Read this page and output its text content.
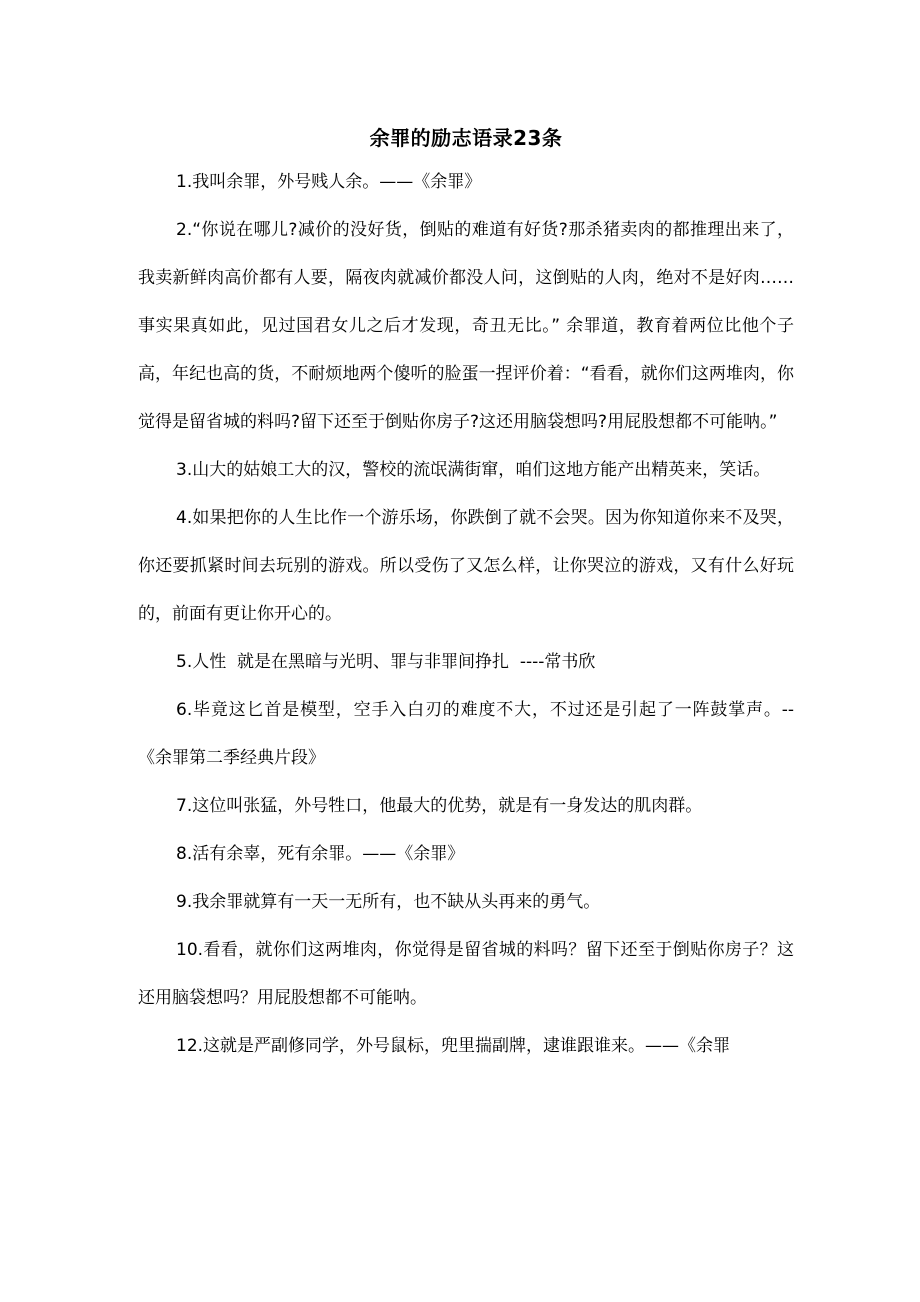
余罪的励志语录23条

1.我叫余罪，外号贱人余。——《余罪》

2.“你说在哪儿?减价的没好货，倒贴的难道有好货?那杀猪卖肉的都推理出来了，我卖新鲜肉高价都有人要，隔夜肉就减价都没人问，这倒贴的人肉，绝对不是好肉……事实果真如此，见过国君女儿之后才发现，奇丑无比。” 余罪道，教育着两位比他个子高，年纪也高的货，不耐烦地两个傻听的脸蛋一捏评价着：“看看，就你们这两堆肉，你觉得是留省城的料吗?留下还至于倒贴你房子?这还用脑袋想吗?用屁股想都不可能呐。”

3.山大的姑娘工大的汉，警校的流氓满街窜，咱们这地方能产出精英来，笑话。

4.如果把你的人生比作一个游乐场，你跌倒了就不会哭。因为你知道你来不及哭，你还要抓紧时间去玩别的游戏。所以受伤了又怎么样，让你哭泣的游戏，又有什么好玩的，前面有更让你开心的。

5.人性  就是在黑暗与光明、罪与非罪间挣扎  ----常书欣

6.毕竟这匕首是模型，空手入白刃的难度不大，不过还是引起了一阵鼓掌声。--《余罪第二季经典片段》

7.这位叫张猛，外号牲口，他最大的优势，就是有一身发达的肌肉群。

8.活有余辜，死有余罪。——《余罪》

9.我余罪就算有一天一无所有，也不缺从头再来的勇气。

10.看看，就你们这两堆肉，你觉得是留省城的料吗？留下还至于倒贴你房子？这还用脑袋想吗？用屁股想都不可能呐。

12.这就是严副修同学，外号鼠标，兜里揣副牌，逮谁跟谁来。——《余罪
